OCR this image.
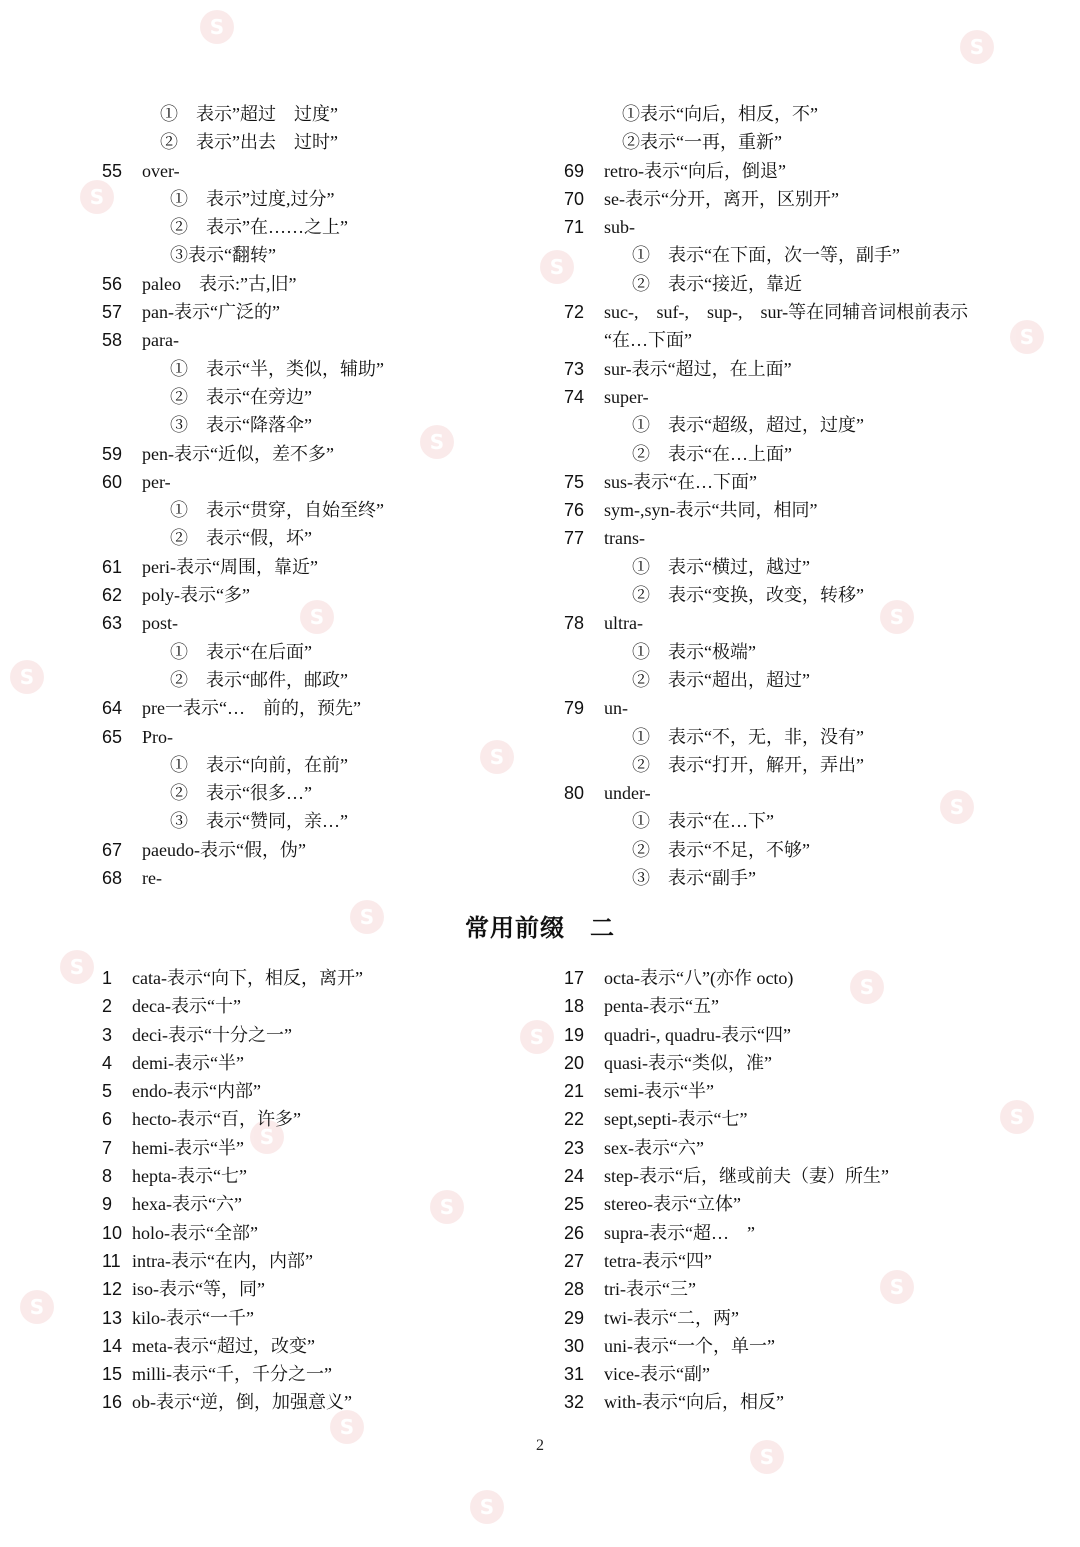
S
S
S
S
S
S
S
S
S
S
S
S
S
S
S
S
S
S
S
S
S
S
S
①　表示”超过　过度”
②　表示”出去　过时”
55 over-
①　表示”过度,过分”
②　表示”在……之上”
③表示“翻转”
56 paleo　表示:”古,旧”
57 pan-表示“广泛的”
58 para-
①　表示“半，类似，辅助”
②　表示“在旁边”
③　表示“降落伞”
59 pen-表示“近似，差不多”
60 per-
①　表示“贯穿，自始至终”
②　表示“假，坏”
61 peri-表示“周围，靠近”
62 poly-表示“多”
63 post-
①　表示“在后面”
②　表示“邮件，邮政”
64 pre一表示“…　前的，预先”
65 Pro-
①　表示“向前，在前”
②　表示“很多…”
③　表示“赞同，亲…”
67 paeudo-表示“假，伪”
68 re-
①表示“向后，相反，不”
②表示“一再，重新”
69 retro-表示“向后，倒退”
70 se-表示“分开，离开，区别开”
71 sub-
①　表示“在下面，次一等，副手”
②　表示“接近，靠近
72 suc-,　suf-,　sup-,　sur-等在同辅音词根前表示
“在…下面”
73 sur-表示“超过，在上面”
74 super-
①　表示“超级，超过，过度”
②　表示“在…上面”
75 sus-表示“在…下面”
76 sym-,syn-表示“共同，相同”
77 trans-
①　表示“横过，越过”
②　表示“变换，改变，转移”
78 ultra-
①　表示“极端”
②　表示“超出，超过”
79 un-
①　表示“不，无，非，没有”
②　表示“打开，解开，弄出”
80 under-
①　表示“在…下”
②　表示“不足，不够”
③　表示“副手”
常用前缀　二
1 cata-表示“向下，相反，离开”
2 deca-表示“十”
3 deci-表示“十分之一”
4 demi-表示“半”
5 endo-表示“内部”
6 hecto-表示“百，许多”
7 hemi-表示“半”
8 hepta-表示“七”
9 hexa-表示“六”
10 holo-表示“全部”
11 intra-表示“在内，内部”
12 iso-表示“等，同”
13 kilo-表示“一千”
14 meta-表示“超过，改变”
15 milli-表示“千，千分之一”
16 ob-表示“逆，倒，加强意义”
17 octa-表示“八”(亦作 octo)
18 penta-表示“五”
19 quadri-, quadru-表示“四”
20 quasi-表示“类似，准”
21 semi-表示“半”
22 sept,septi-表示“七”
23 sex-表示“六”
24 step-表示“后，继或前夫（妻）所生”
25 stereo-表示“立体”
26 supra-表示“超…　”
27 tetra-表示“四”
28 tri-表示“三”
29 twi-表示“二，两”
30 uni-表示“一个，单一”
31 vice-表示“副”
32 with-表示“向后，相反”
2
